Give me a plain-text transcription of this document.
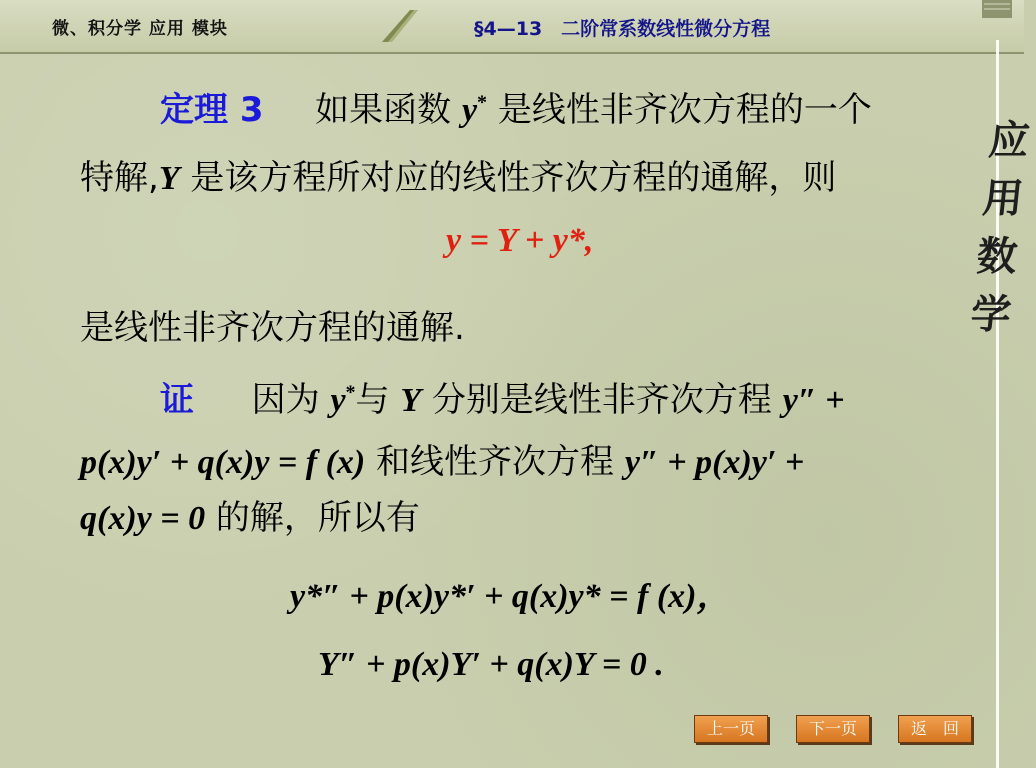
微、积分学 应用 模块	§4—13　二阶常系数线性微分方程
应
用
数
学
定理 3 如果函数 y* 是线性非齐次方程的一个
特解,Y 是该方程所对应的线性齐次方程的通解，则
y = Y + y*,
是线性非齐次方程的通解.
证 因为 y*与 Y 分别是线性非齐次方程 y″ +
p(x)y′ + q(x)y = f (x) 和线性齐次方程 y″ + p(x)y′ +
q(x)y = 0 的解，所以有
y*″ + p(x)y*′ + q(x)y* = f (x)，
Y″ + p(x)Y′ + q(x)Y = 0 .
上一页	下一页	返　回
